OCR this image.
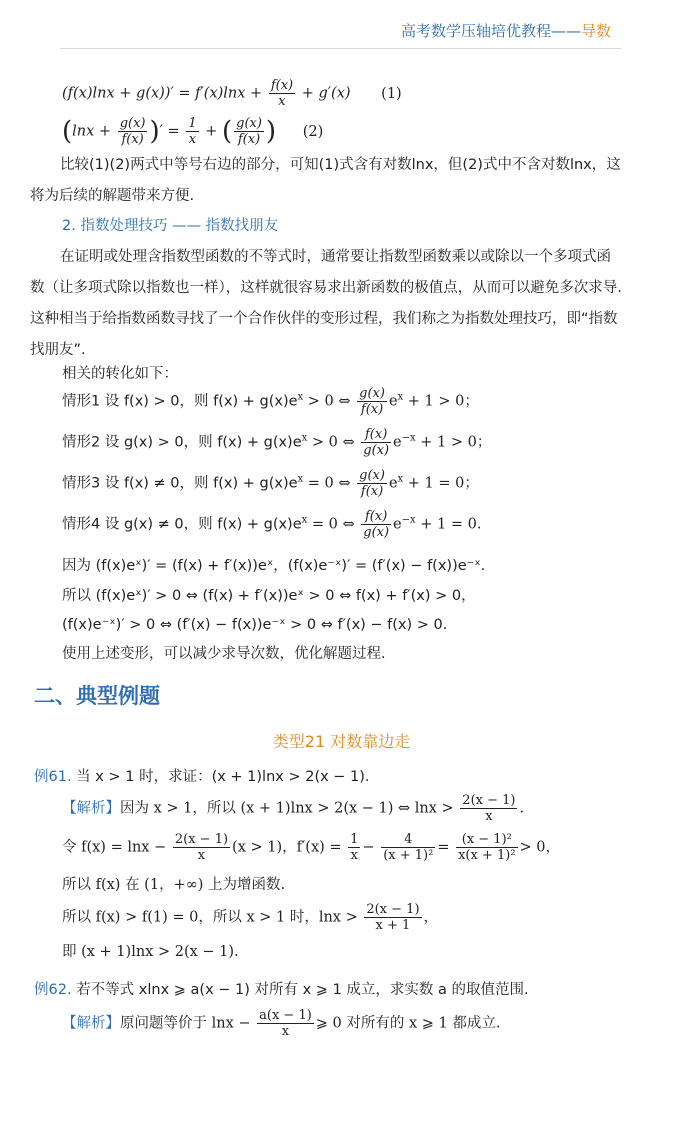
高考数学压轴培优教程——导数
$(f(x)\ln x + g(x))' = f'(x)\ln x + \frac{f(x)}{x} + g'(x)$ (1)
($\ln x + \frac{g(x)}{f(x)}$ )′ = $\frac{1}{x}$ + ( $\frac{g(x)}{f(x)}$ ) (2)
比较(1)(2)两式中等号右边的部分，可知(1)式含有对数lnx，但(2)式中不含对数lnx，这将为后续的解题带来方便.
2. 指数处理技巧 —— 指数找朋友
在证明或处理含指数型函数的不等式时，通常要让指数型函数乘以或除以一个多项式函数（让多项式除以指数也一样），这样就很容易求出新函数的极值点，从而可以避免多次求导. 这种相当于给指数函数寻找了一个合作伙伴的变形过程，我们称之为指数处理技巧，即“指数找朋友”.
相关的转化如下：
情形1 设 f(x) > 0，则 $f(x) + g(x)e^x > 0$ ⇔ $\frac{g(x)}{f(x)} e^x + 1 > 0$；
情形2 设 g(x) > 0，则 $f(x) + g(x)e^x > 0$ ⇔ $\frac{f(x)}{g(x)} e^{-x} + 1 > 0$；
情形3 设 f(x) ≠ 0，则 $f(x) + g(x)e^x = 0$ ⇔ $\frac{g(x)}{f(x)} e^x + 1 = 0$；
情形4 设 g(x) ≠ 0，则 $f(x) + g(x)e^x = 0$ ⇔ $\frac{f(x)}{g(x)} e^{-x} + 1 = 0$.
因为 (f(x)eˣ)′ = (f(x) + f′(x))eˣ，(f(x)e⁻ˣ)′ = (f′(x) − f(x))e⁻ˣ.
所以 (f(x)eˣ)′ > 0 ⇔ (f(x) + f′(x))eˣ > 0 ⇔ f(x) + f′(x) > 0，
(f(x)e⁻ˣ)′ > 0 ⇔ (f′(x) − f(x))e⁻ˣ > 0 ⇔ f′(x) − f(x) > 0.
使用上述变形，可以减少求导次数，优化解题过程.
二、典型例题
类型21 对数靠边走
例61. 当 x > 1 时，求证：(x + 1)lnx > 2(x − 1).
【解析】因为 x > 1，所以 (x + 1)lnx > 2(x − 1) ⇔ $\ln x > \frac{2(x - 1)}{x}$ .
令 $f(x) = \ln x - \frac{2(x - 1)}{x} (x > 1)$，$f'(x) = \frac{1}{x} - \frac{4}{\text{(x + 1)²}} = \frac{\text{(x − 1)²}}{\text{x(x + 1)²}} > 0$，
所以 f(x) 在 (1，+∞) 上为增函数.
所以 f(x) > f(1) = 0，所以 x > 1 时，$\ln x > \frac{2(x - 1)}{x + 1}$ ，
即 (x + 1)lnx > 2(x − 1).
例62. 若不等式 xlnx ⩾ a(x − 1) 对所有 x ⩾ 1 成立，求实数 a 的取值范围.
【解析】原问题等价于 $\ln x - \frac{a(x - 1)}{x}$ ⩾ 0 对所有的 x ⩾ 1 都成立.
